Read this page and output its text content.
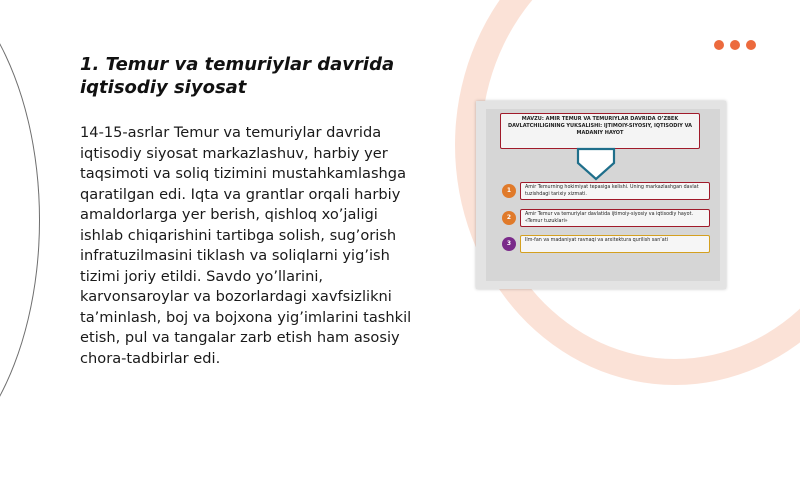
1. Temur va temuriylar davrida iqtisodiy siyosat
14-15-asrlar Temur va temuriylar davrida iqtisodiy siyosat markazlashuv, harbiy yer taqsimoti va soliq tizimini mustahkamlashga qaratilgan edi. Iqta va grantlar orqali harbiy amaldorlarga yer berish, qishloq xo’jaligi ishlab chiqarishini tartibga solish, sug’orish infratuzilmasini tiklash va soliqlarni yig’ish tizimi joriy etildi. Savdo yo’llarini, karvonsaroylar va bozorlardagi xavfsizlikni ta’minlash, boj va bojxona yig’imlarini tashkil etish, pul va tangalar zarb etish ham asosiy chora-tadbirlar edi.
MAVZU: AMIR TEMUR VA TEMURIYLAR DAVRIDA O’ZBEK DAVLATCHILIGINING YUKSALISHI: IJTIMOIY-SIYOSIY, IQTISODIY VA MADANIY HAYOT
1	Amir Temurning hokimiyat tepasiga kelishi. Uning markazlashgan davlat tuzishdagi tarixiy xizmati.
2	Amir Temur va temuriylar davlatida ijtimoiy-siyosiy va iqtisodiy hayot. «Temur tuzuklari»
3	Ilm-fan va madaniyat ravnaqi va arxitektura qurilish san’ati
